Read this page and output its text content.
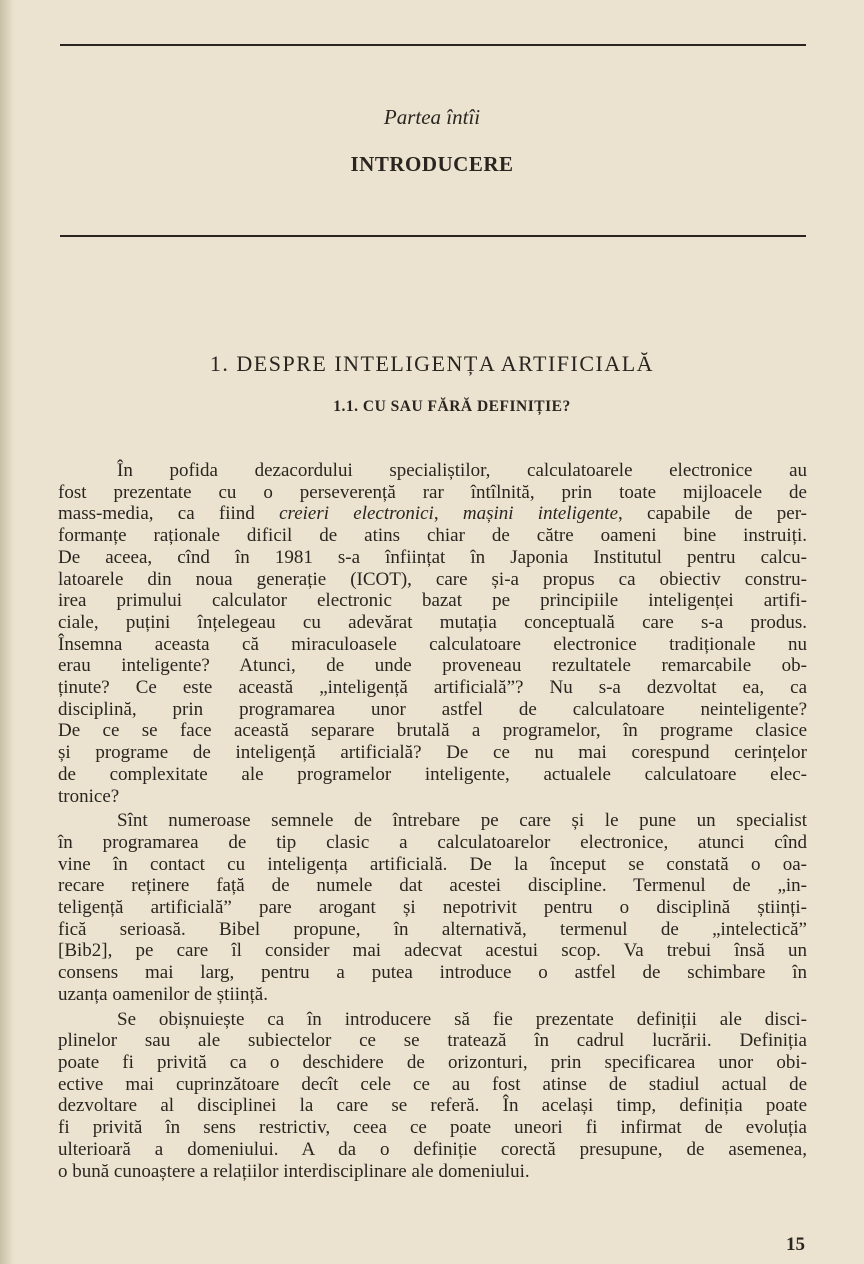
Partea întîi
INTRODUCERE
1. DESPRE INTELIGENȚA ARTIFICIALĂ
1.1. CU SAU FĂRĂ DEFINIȚIE?
În pofida dezacordului specialiștilor, calculatoarele electronice au
fost prezentate cu o perseverență rar întîlnită, prin toate mijloacele de
mass-media, ca fiind creieri electronici, mașini inteligente, capabile de per-
formanțe raționale dificil de atins chiar de către oameni bine instruiți.
De aceea, cînd în 1981 s-a înființat în Japonia Institutul pentru calcu-
latoarele din noua generație (ICOT), care și-a propus ca obiectiv constru-
irea primului calculator electronic bazat pe principiile inteligenței artifi-
ciale, puțini înțelegeau cu adevărat mutația conceptuală care s-a produs.
Însemna aceasta că miraculoasele calculatoare electronice tradiționale nu
erau inteligente? Atunci, de unde proveneau rezultatele remarcabile ob-
ținute? Ce este această „inteligență artificială”? Nu s-a dezvoltat ea, ca
disciplină, prin programarea unor astfel de calculatoare neinteligente?
De ce se face această separare brutală a programelor, în programe clasice
și programe de inteligență artificială? De ce nu mai corespund cerințelor
de complexitate ale programelor inteligente, actualele calculatoare elec-
tronice?
Sînt numeroase semnele de întrebare pe care și le pune un specialist
în programarea de tip clasic a calculatoarelor electronice, atunci cînd
vine în contact cu inteligența artificială. De la început se constată o oa-
recare reținere față de numele dat acestei discipline. Termenul de „in-
teligență artificială” pare arogant și nepotrivit pentru o disciplină științi-
fică serioasă. Bibel propune, în alternativă, termenul de „intelectică”
[Bib2], pe care îl consider mai adecvat acestui scop. Va trebui însă un
consens mai larg, pentru a putea introduce o astfel de schimbare în
uzanța oamenilor de știință.
Se obișnuiește ca în introducere să fie prezentate definiții ale disci-
plinelor sau ale subiectelor ce se tratează în cadrul lucrării. Definiția
poate fi privită ca o deschidere de orizonturi, prin specificarea unor obi-
ective mai cuprinzătoare decît cele ce au fost atinse de stadiul actual de
dezvoltare al disciplinei la care se referă. În același timp, definiția poate
fi privită în sens restrictiv, ceea ce poate uneori fi infirmat de evoluția
ulterioară a domeniului. A da o definiție corectă presupune, de asemenea,
o bună cunoaștere a relațiilor interdisciplinare ale domeniului.
15
